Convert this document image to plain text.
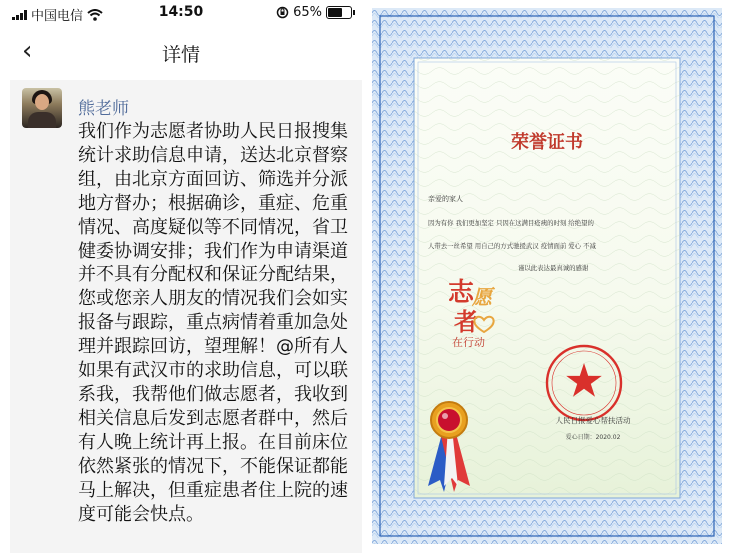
中国电信	14:50	65%
‹	详情
熊老师

我们作为志愿者协助人民日报搜集统计求助信息申请，送达北京督察组，由北京方面回访、筛选并分派地方督办；根据确诊，重症、危重情况、高度疑似等不同情况，省卫健委协调安排；我们作为申请渠道并不具有分配权和保证分配结果，您或您亲人朋友的情况我们会如实报备与跟踪，重点病情着重加急处理并跟踪回访，望理解！@所有人 如果有武汉市的求助信息，可以联系我，我帮他们做志愿者，我收到相关信息后发到志愿者群中，然后有人晚上统计再上报。在目前床位依然紧张的情况下，不能保证都能马上解决，但重症患者住上院的速度可能会快点。

荣誉证书
亲爱的家人
因为有你 我们更加坚定 只因在这满目疮痍的时刻 给绝望的
人带去一丝希望 用自己的方式驰援武汉 疫情面前 爱心 不减
谨以此表达最真诚的感谢
志
愿
者
在行动
人民日报爱心帮扶活动
爱心日期：2020.02
